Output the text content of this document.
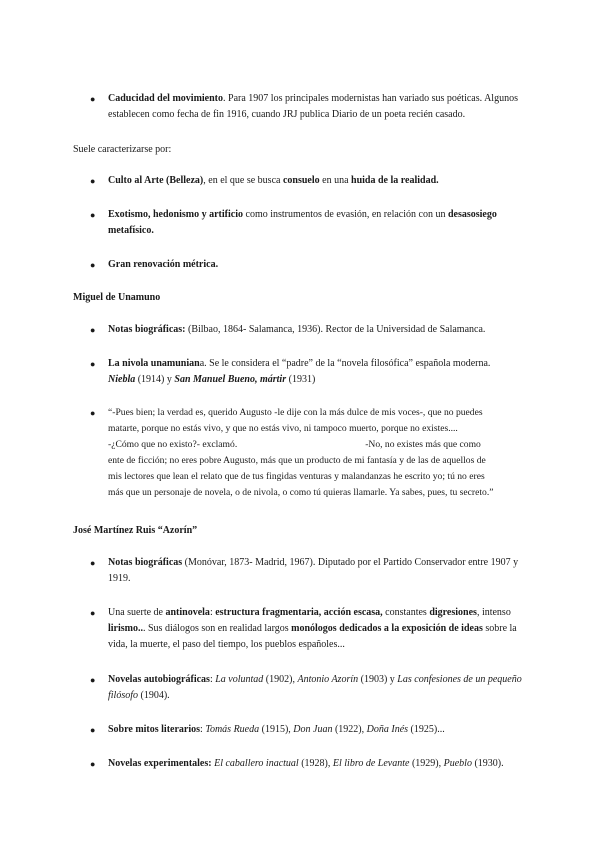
● Caducidad del movimiento. Para 1907 los principales modernistas han variado sus poéticas. Algunos establecen como fecha de fin 1916, cuando JRJ publica Diario de un poeta recién casado.
Suele caracterizarse por:
● Culto al Arte (Belleza), en el que se busca consuelo en una huida de la realidad.
● Exotismo, hedonismo y artificio como instrumentos de evasión, en relación con un desasosiego metafísico.
● Gran renovación métrica.
Miguel de Unamuno
● Notas biográficas: (Bilbao, 1864- Salamanca, 1936). Rector de la Universidad de Salamanca.
● La nivola unamuniana. Se le considera el “padre” de la “novela filosófica” española moderna.
Niebla (1914) y San Manuel Bueno, mártir (1931)
● “-Pues bien; la verdad es, querido Augusto -le dije con la más dulce de mis voces-, que no puedes
matarte, porque no estás vivo, y que no estás vivo, ni tampoco muerto, porque no existes....
-¿Cómo que no existo?- exclamó.	-No, no existes más que como
ente de ficción; no eres pobre Augusto, más que un producto de mi fantasía y de las de aquellos de
mis lectores que lean el relato que de tus fingidas venturas y malandanzas he escrito yo; tú no eres
más que un personaje de novela, o de nivola, o como tú quieras llamarle. Ya sabes, pues, tu secreto.”
José Martínez Ruis “Azorín”
● Notas biográficas (Monóvar, 1873- Madrid, 1967). Diputado por el Partido Conservador entre 1907 y 1919.
● Una suerte de antinovela: estructura fragmentaria, acción escasa, constantes digresiones, intenso lirismo... Sus diálogos son en realidad largos monólogos dedicados a la exposición de ideas sobre la vida, la muerte, el paso del tiempo, los pueblos españoles...
● Novelas autobiográficas: La voluntad (1902), Antonio Azorín (1903) y Las confesiones de un pequeño filósofo (1904).
● Sobre mitos literarios: Tomás Rueda (1915), Don Juan (1922), Doña Inés (1925)...
● Novelas experimentales: El caballero inactual (1928), El libro de Levante (1929), Pueblo (1930).
